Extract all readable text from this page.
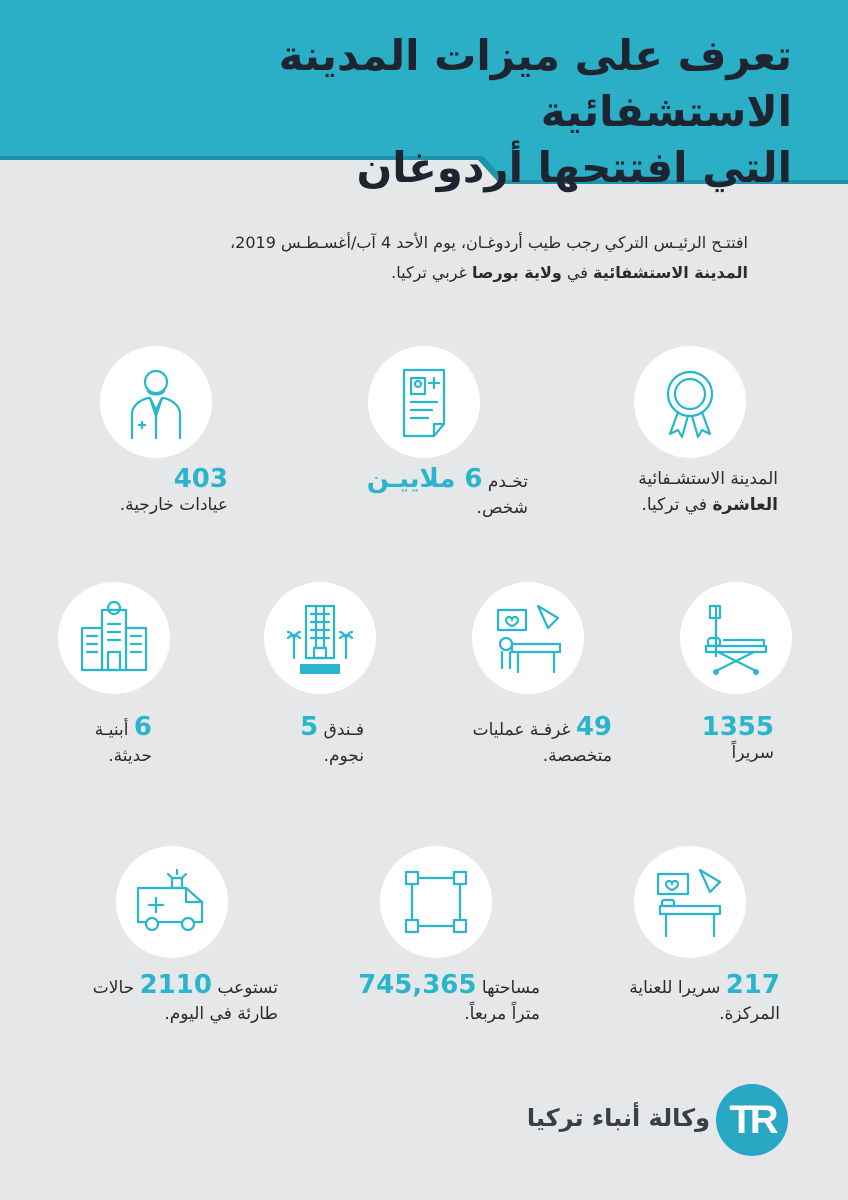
تعرف على ميزات المدينة الاستشفائية
التي افتتحها أردوغان
افتتـح الرئيـس التركي رجب طيب أردوغـان، يوم الأحد 4 آب/أغسـطـس 2019،
المدينة الاستشفائية في ولاية بورصا غربي تركيا.
المدينة الاستشـفائية
العاشرة في تركيا.
تخـدم 6 ملاييـن
شخص.
403
عيادات خارجية.
1355
سريراً
49 غرفـة عمليات
متخصصة.
فـندق 5
نجوم.
6 أبنيـة
حديثة.
217 سريرا للعناية
المركزة.
مساحتها 745,365
متراً مربعاً.
تستوعب 2110 حالات
طارئة في اليوم.
وكالة أنباء تركيا TR
